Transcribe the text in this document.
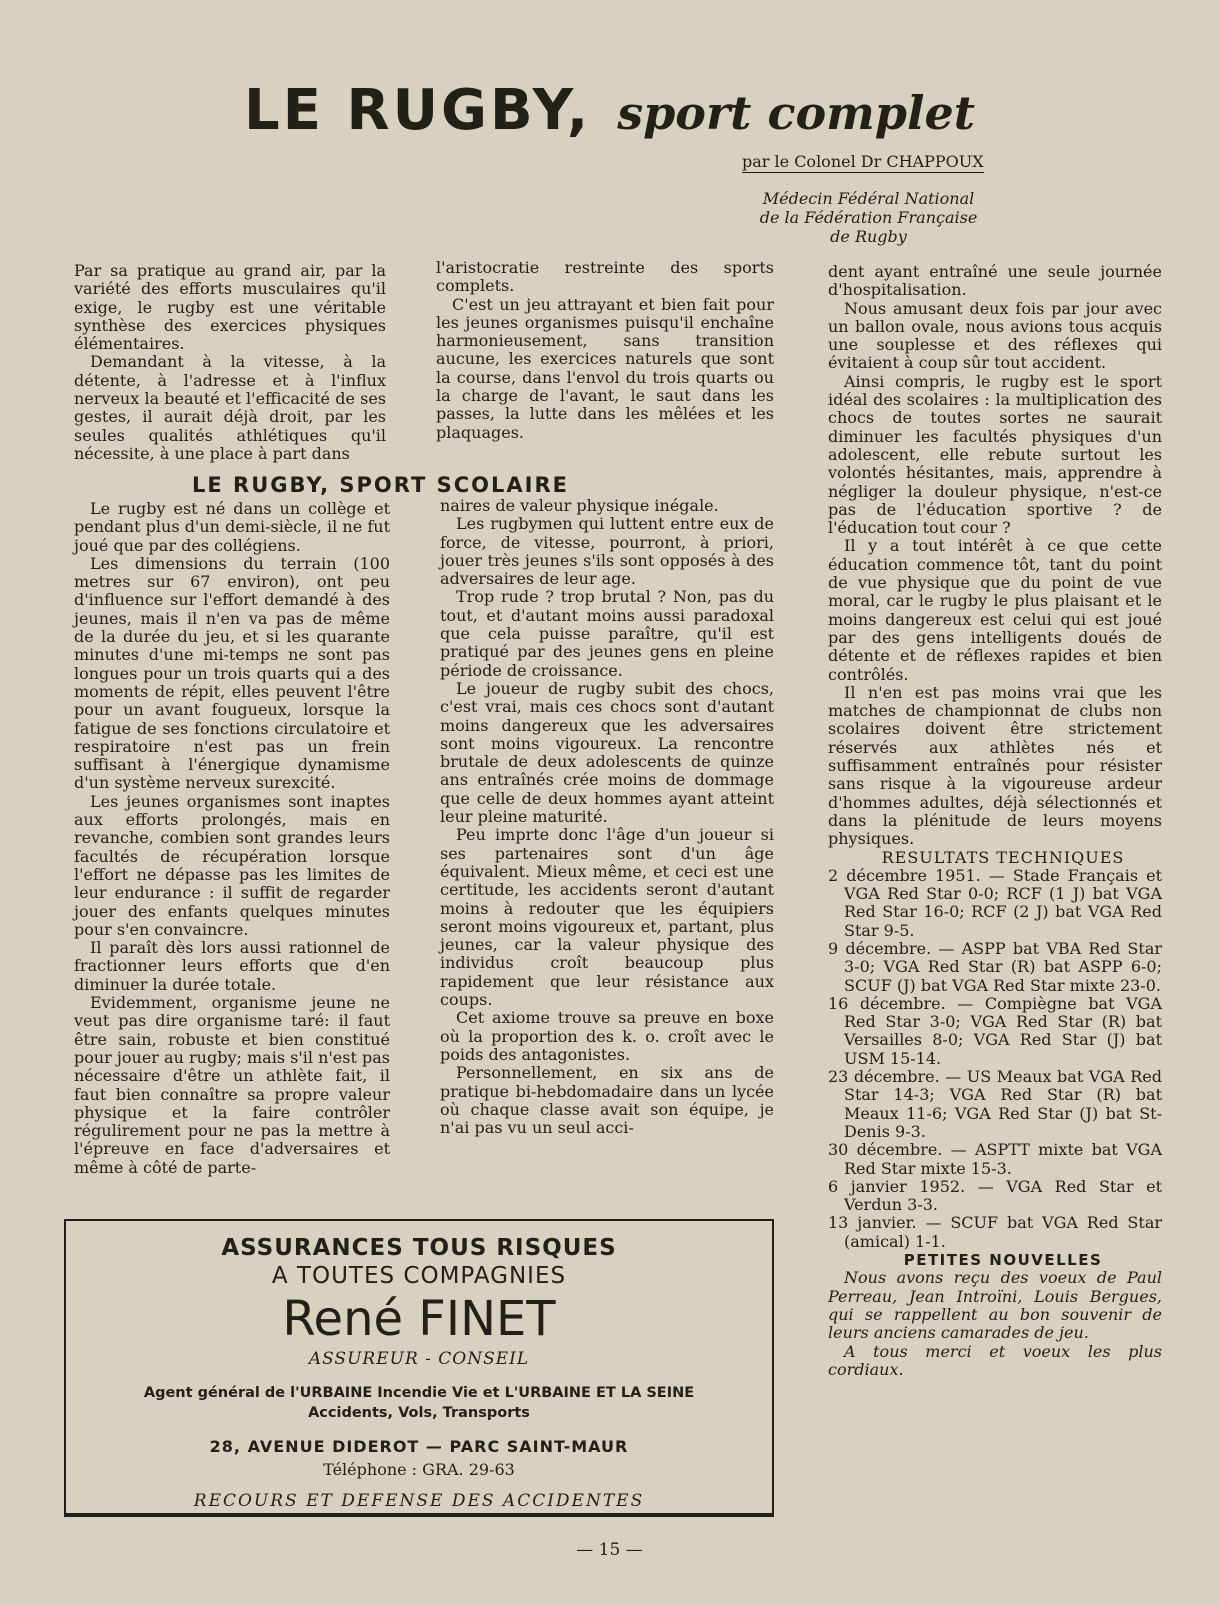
LE RUGBY, sport complet
par le Colonel Dr CHAPPOUX
Médecin Fédéral National
de la Fédération Française
de Rugby

Par sa pratique au grand air, par la variété des efforts musculaires qu'il exige, le rugby est une véritable synthèse des exercices physiques élémentaires.

Demandant à la vitesse, à la détente, à l'adresse et à l'influx nerveux la beauté et l'efficacité de ses gestes, il aurait déjà droit, par les seules qualités athlétiques qu'il nécessite, à une place à part dans

l'aristocratie restreinte des sports complets.

C'est un jeu attrayant et bien fait pour les jeunes organismes puisqu'il enchaîne harmonieusement, sans transition aucune, les exercices naturels que sont la course, dans l'envol du trois quarts ou la charge de l'avant, le saut dans les passes, la lutte dans les mêlées et les plaquages.

LE RUGBY, SPORT SCOLAIRE

Le rugby est né dans un collège et pendant plus d'un demi-siècle, il ne fut joué que par des collégiens.

Les dimensions du terrain (100 metres sur 67 environ), ont peu d'influence sur l'effort demandé à des jeunes, mais il n'en va pas de même de la durée du jeu, et si les quarante minutes d'une mi-temps ne sont pas longues pour un trois quarts qui a des moments de répit, elles peuvent l'être pour un avant fougueux, lorsque la fatigue de ses fonctions circulatoire et respiratoire n'est pas un frein suffisant à l'énergique dynamisme d'un système nerveux surexcité.

Les jeunes organismes sont inaptes aux efforts prolongés, mais en revanche, combien sont grandes leurs facultés de récupération lorsque l'effort ne dépasse pas les limites de leur endurance : il suffit de regarder jouer des enfants quelques minutes pour s'en convaincre.

Il paraît dès lors aussi rationnel de fractionner leurs efforts que d'en diminuer la durée totale.

Evidemment, organisme jeune ne veut pas dire organisme taré: il faut être sain, robuste et bien constitué pour jouer au rugby; mais s'il n'est pas nécessaire d'être un athlète fait, il faut bien connaître sa propre valeur physique et la faire contrôler régulirement pour ne pas la mettre à l'épreuve en face d'adversaires et même à côté de parte-

naires de valeur physique inégale.

Les rugbymen qui luttent entre eux de force, de vitesse, pourront, à priori, jouer très jeunes s'ils sont opposés à des adversaires de leur age.

Trop rude ? trop brutal ? Non, pas du tout, et d'autant moins aussi paradoxal que cela puisse paraître, qu'il est pratiqué par des jeunes gens en pleine période de croissance.

Le joueur de rugby subit des chocs, c'est vrai, mais ces chocs sont d'autant moins dangereux que les adversaires sont moins vigoureux. La rencontre brutale de deux adolescents de quinze ans entraînés crée moins de dommage que celle de deux hommes ayant atteint leur pleine maturité.

Peu imprte donc l'âge d'un joueur si ses partenaires sont d'un âge équivalent. Mieux même, et ceci est une certitude, les accidents seront d'autant moins à redouter que les équipiers seront moins vigoureux et, partant, plus jeunes, car la valeur physique des individus croît beaucoup plus rapidement que leur résistance aux coups.

Cet axiome trouve sa preuve en boxe où la proportion des k. o. croît avec le poids des antagonistes.

Personnellement, en six ans de pratique bi-hebdomadaire dans un lycée où chaque classe avait son équipe, je n'ai pas vu un seul acci-

dent ayant entraîné une seule journée d'hospitalisation.

Nous amusant deux fois par jour avec un ballon ovale, nous avions tous acquis une souplesse et des réflexes qui évitaient à coup sûr tout accident.

Ainsi compris, le rugby est le sport idéal des scolaires : la multiplication des chocs de toutes sortes ne saurait diminuer les facultés physiques d'un adolescent, elle rebute surtout les volontés hésitantes, mais, apprendre à négliger la douleur physique, n'est-ce pas de l'éducation sportive ? de l'éducation tout cour ?

Il y a tout intérêt à ce que cette éducation commence tôt, tant du point de vue physique que du point de vue moral, car le rugby le plus plaisant et le moins dangereux est celui qui est joué par des gens intelligents doués de détente et de réflexes rapides et bien contrôlés.

Il n'en est pas moins vrai que les matches de championnat de clubs non scolaires doivent être strictement réservés aux athlètes nés et suffisamment entraînés pour résister sans risque à la vigoureuse ardeur d'hommes adultes, déjà sélectionnés et dans la plénitude de leurs moyens physiques.

RESULTATS TECHNIQUES

2 décembre 1951. — Stade Français et VGA Red Star 0-0; RCF (1 J) bat VGA Red Star 16-0; RCF (2 J) bat VGA Red Star 9-5.

9 décembre. — ASPP bat VBA Red Star 3-0; VGA Red Star (R) bat ASPP 6-0; SCUF (J) bat VGA Red Star mixte 23-0.

16 décembre. — Compiègne bat VGA Red Star 3-0; VGA Red Star (R) bat Versailles 8-0; VGA Red Star (J) bat USM 15-14.

23 décembre. — US Meaux bat VGA Red Star 14-3; VGA Red Star (R) bat Meaux 11-6; VGA Red Star (J) bat St-Denis 9-3.

30 décembre. — ASPTT mixte bat VGA Red Star mixte 15-3.

6 janvier 1952. — VGA Red Star et Verdun 3-3.

13 janvier. — SCUF bat VGA Red Star (amical) 1-1.

PETITES NOUVELLES

Nous avons reçu des voeux de Paul Perreau, Jean Introïni, Louis Bergues, qui se rappellent au bon souvenir de leurs anciens camarades de jeu.

A tous merci et voeux les plus cordiaux.

ASSURANCES TOUS RISQUES
A TOUTES COMPAGNIES
René FINET
ASSUREUR - CONSEIL
Agent général de l'URBAINE Incendie Vie et L'URBAINE ET LA SEINE
Accidents, Vols, Transports
28, AVENUE DIDEROT — PARC SAINT-MAUR
Téléphone : GRA. 29-63
RECOURS ET DEFENSE DES ACCIDENTES
— 15 —
